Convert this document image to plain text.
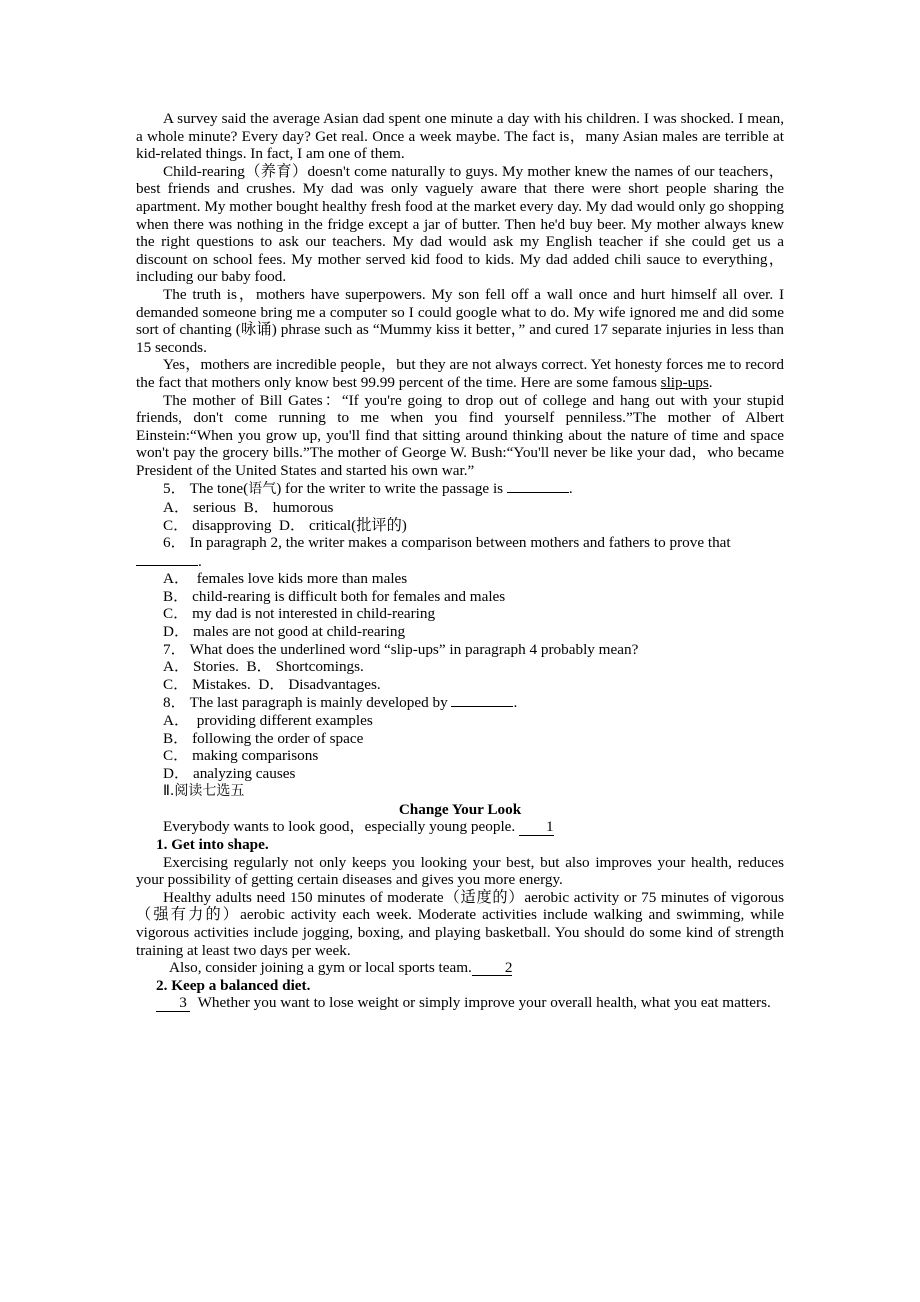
A survey said the average Asian dad spent one minute a day with his children. I was shocked. I mean, a whole minute? Every day? Get real. Once a week maybe. The fact is，many Asian males are terrible at kid-related things. In fact, I am one of them.

Child-rearing（养育）doesn't come naturally to guys. My mother knew the names of our teachers，best friends and crushes. My dad was only vaguely aware that there were short people sharing the apartment. My mother bought healthy fresh food at the market every day. My dad would only go shopping when there was nothing in the fridge except a jar of butter. Then he'd buy beer. My mother always knew the right questions to ask our teachers. My dad would ask my English teacher if she could get us a discount on school fees. My mother served kid food to kids. My dad added chili sauce to everything，including our baby food.

The truth is，mothers have superpowers. My son fell off a wall once and hurt himself all over. I demanded someone bring me a computer so I could google what to do. My wife ignored me and did some sort of chanting (咏诵) phrase such as “Mummy kiss it better，” and cured 17 separate injuries in less than 15 seconds.

Yes，mothers are incredible people，but they are not always correct. Yet honesty forces me to record the fact that mothers only know best 99.99 percent of the time. Here are some famous slip-ups.

The mother of Bill Gates：“If you're going to drop out of college and hang out with your stupid friends, don't come running to me when you find yourself penniless.”The mother of Albert Einstein:“When you grow up, you'll find that sitting around thinking about the nature of time and space won't pay the grocery bills.”The mother of George W. Bush:“You'll never be like your dad，who became President of the United States and started his own war.”

5． The tone(语气) for the writer to write the passage is	.

A． serious B． humorous

C． disapproving D． critical(批评的)

6． In paragraph 2, the writer makes a comparison between mothers and fathers to prove that
.

A． females love kids more than males

B． child-rearing is difficult both for females and males

C． my dad is not interested in child-rearing

D． males are not good at child-rearing

7． What does the underlined word “slip-ups” in paragraph 4 probably mean?

A． Stories. B． Shortcomings.

C． Mistakes. D． Disadvantages.

8． The last paragraph is mainly developed by	.

A． providing different examples

B． following the order of space

C． making comparisons

D． analyzing causes

Ⅱ.阅读七选五

Change Your Look

Everybody wants to look good，especially young people. 1

1. Get into shape.

Exercising regularly not only keeps you looking your best, but also improves your health, reduces your possibility of getting certain diseases and gives you more energy.

Healthy adults need 150 minutes of moderate（适度的）aerobic activity or 75 minutes of vigorous（强有力的）aerobic activity each week. Moderate activities include walking and swimming, while vigorous activities include jogging, boxing, and playing basketball. You should do some kind of strength training at least two days per week.

Also, consider joining a gym or local sports team. 2

2. Keep a balanced diet.

3 Whether you want to lose weight or simply improve your overall health, what you eat matters.
